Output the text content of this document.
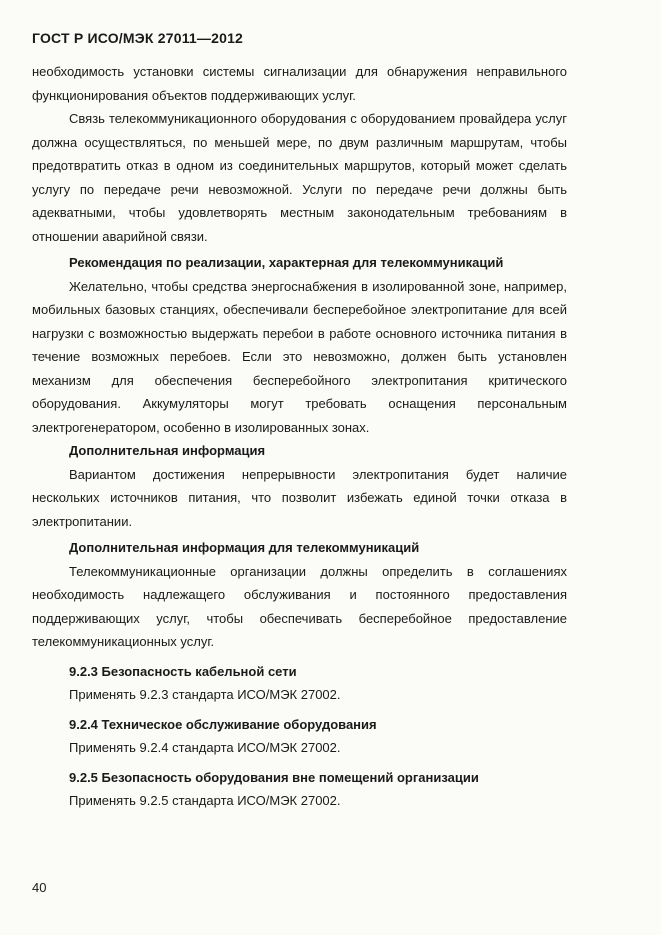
ГОСТ Р ИСО/МЭК 27011—2012

необходимость установки системы сигнализации для обнаружения неправильного функционирования объектов поддерживающих услуг.

Связь телекоммуникационного оборудования с оборудованием провайдера услуг должна осуществляться, по меньшей мере, по двум различным маршрутам, чтобы предотвратить отказ в одном из соединительных маршрутов, который может сделать услугу по передаче речи невозможной. Услуги по передаче речи должны быть адекватными, чтобы удовлетворять местным законодательным требованиям в отношении аварийной связи.

Рекомендация по реализации, характерная для телекоммуникаций

Желательно, чтобы средства энергоснабжения в изолированной зоне, например, мобильных базовых станциях, обеспечивали бесперебойное электропитание для всей нагрузки с возможностью выдержать перебои в работе основного источника питания в течение возможных перебоев. Если это невозможно, должен быть установлен механизм для обеспечения бесперебойного электропитания критического оборудования. Аккумуляторы могут требовать оснащения персональным электрогенератором, особенно в изолированных зонах.

Дополнительная информация

Вариантом достижения непрерывности электропитания будет наличие нескольких источников питания, что позволит избежать единой точки отказа в электропитании.

Дополнительная информация для телекоммуникаций

Телекоммуникационные организации должны определить в соглашениях необходимость надлежащего обслуживания и постоянного предоставления поддерживающих услуг, чтобы обеспечивать бесперебойное предоставление телекоммуникационных услуг.

9.2.3 Безопасность кабельной сети

Применять 9.2.3 стандарта ИСО/МЭК 27002.

9.2.4 Техническое обслуживание оборудования

Применять 9.2.4 стандарта ИСО/МЭК 27002.

9.2.5 Безопасность оборудования вне помещений организации

Применять 9.2.5 стандарта ИСО/МЭК 27002.

40
